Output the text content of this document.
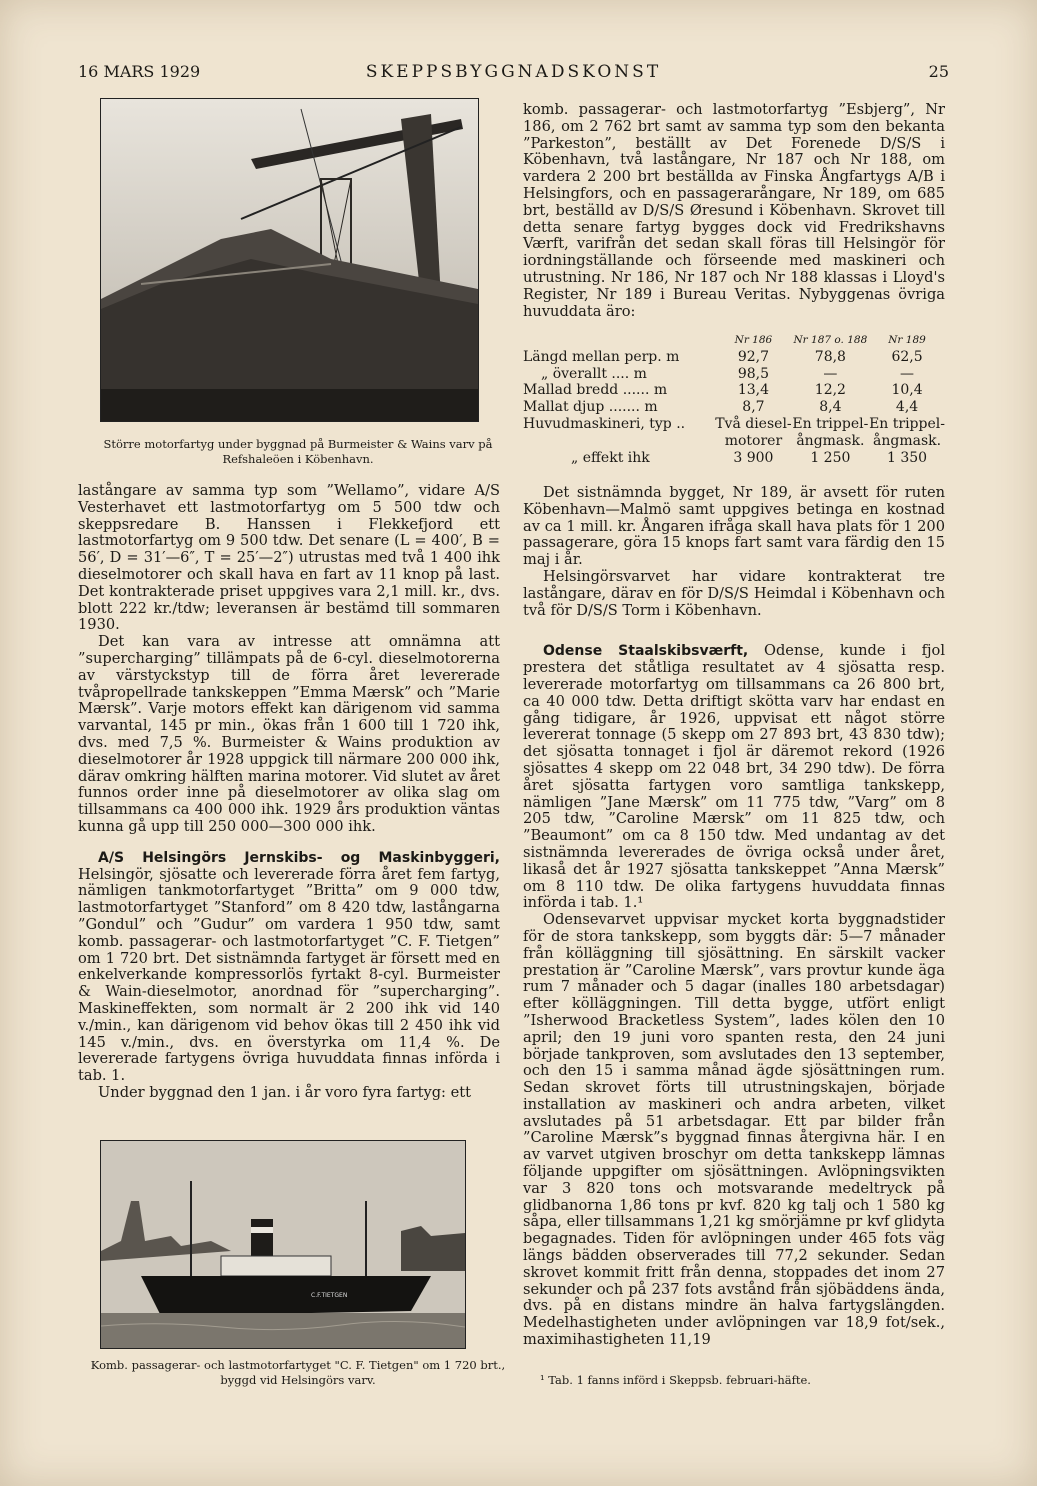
16 MARS 1929	SKEPPSBYGGNADSKONST	25
Större motorfartyg under byggnad på Burmeister & Wains varv på
Refshaleöen i Köbenhavn.

lastångare av samma typ som ”Wellamo”, vidare A/S Vesterhavet ett lastmotorfartyg om 5 500 tdw och skeppsredare B. Hanssen i Flekkefjord ett lastmotorfartyg om 9 500 tdw. Det senare (L = 400′, B = 56′, D = 31′—6″, T = 25′—2″) utrustas med två 1 400 ihk dieselmotorer och skall hava en fart av 11 knop på last. Det kontrakterade priset uppgives vara 2,1 mill. kr., dvs. blott 222 kr./tdw; leveransen är bestämd till sommaren 1930.

Det kan vara av intresse att omnämna att ”supercharging” tillämpats på de 6-cyl. dieselmotorerna av värstyckstyp till de förra året levererade tvåpropellrade tankskeppen ”Emma Mærsk” och ”Marie Mærsk”. Varje motors effekt kan därigenom vid samma varvantal, 145 pr min., ökas från 1 600 till 1 720 ihk, dvs. med 7,5 %. Burmeister & Wains produktion av dieselmotorer år 1928 uppgick till närmare 200 000 ihk, därav omkring hälften marina motorer. Vid slutet av året funnos order inne på dieselmotorer av olika slag om tillsammans ca 400 000 ihk. 1929 års produktion väntas kunna gå upp till 250 000—300 000 ihk.

A/S Helsingörs Jernskibs- og Maskinbyggeri, Helsingör, sjösatte och levererade förra året fem fartyg, nämligen tankmotorfartyget ”Britta” om 9 000 tdw, lastmotorfartyget ”Stanford” om 8 420 tdw, lastångarna ”Gondul” och ”Gudur” om vardera 1 950 tdw, samt komb. passagerar- och lastmotorfartyget ”C. F. Tietgen” om 1 720 brt. Det sistnämnda fartyget är försett med en enkelverkande kompressorlös fyrtakt 8-cyl. Burmeister & Wain-dieselmotor, anordnad för ”supercharging”. Maskineffekten, som normalt är 2 200 ihk vid 140 v./min., kan därigenom vid behov ökas till 2 450 ihk vid 145 v./min., dvs. en överstyrka om 11,4 %. De levererade fartygens övriga huvuddata finnas införda i tab. 1.

Under byggnad den 1 jan. i år voro fyra fartyg: ett

C.F.TIETGEN
Komb. passagerar- och lastmotorfartyget "C. F. Tietgen" om 1 720 brt.,
byggd vid Helsingörs varv.

komb. passagerar- och lastmotorfartyg ”Esbjerg”, Nr 186, om 2 762 brt samt av samma typ som den bekanta ”Parkeston”, beställt av Det Forenede D/S/S i Köbenhavn, två lastångare, Nr 187 och Nr 188, om vardera 2 200 brt beställda av Finska Ångfartygs A/B i Helsingfors, och en passagerarångare, Nr 189, om 685 brt, beställd av D/S/S Øresund i Köbenhavn. Skrovet till detta senare fartyg bygges dock vid Fredrikshavns Værft, varifrån det sedan skall föras till Helsingör för iordningställande och förseende med maskineri och utrustning. Nr 186, Nr 187 och Nr 188 klassas i Lloyd's Register, Nr 189 i Bureau Veritas. Nybyggenas övriga huvuddata äro:

	Nr 186	Nr 187 o. 188	Nr 189
Längd mellan perp. m	92,7	78,8	62,5
„ överallt .... m	98,5	—	—
Mallad bredd ...... m	13,4	12,2	10,4
Mallat djup ....... m	8,7	8,4	4,4
Huvudmaskineri, typ ..	Två diesel-	En trippel-	En trippel-
	motorer	ångmask.	ångmask.
„ effekt ihk	3 900	1 250	1 350

Det sistnämnda bygget, Nr 189, är avsett för ruten Köbenhavn—Malmö samt uppgives betinga en kostnad av ca 1 mill. kr. Ångaren ifråga skall hava plats för 1 200 passagerare, göra 15 knops fart samt vara färdig den 15 maj i år.

Helsingörsvarvet har vidare kontrakterat tre lastångare, därav en för D/S/S Heimdal i Köbenhavn och två för D/S/S Torm i Köbenhavn.

Odense Staalskibsværft, Odense, kunde i fjol prestera det ståtliga resultatet av 4 sjösatta resp. levererade motorfartyg om tillsammans ca 26 800 brt, ca 40 000 tdw. Detta driftigt skötta varv har endast en gång tidigare, år 1926, uppvisat ett något större levererat tonnage (5 skepp om 27 893 brt, 43 830 tdw); det sjösatta tonnaget i fjol är däremot rekord (1926 sjösattes 4 skepp om 22 048 brt, 34 290 tdw). De förra året sjösatta fartygen voro samtliga tankskepp, nämligen ”Jane Mærsk” om 11 775 tdw, ”Varg” om 8 205 tdw, ”Caroline Mærsk” om 11 825 tdw, och ”Beaumont” om ca 8 150 tdw. Med undantag av det sistnämnda levererades de övriga också under året, likaså det år 1927 sjösatta tankskeppet ”Anna Mærsk” om 8 110 tdw. De olika fartygens huvuddata finnas införda i tab. 1.¹

Odensevarvet uppvisar mycket korta byggnadstider för de stora tankskepp, som byggts där: 5—7 månader från kölläggning till sjösättning. En särskilt vacker prestation är ”Caroline Mærsk”, vars provtur kunde äga rum 7 månader och 5 dagar (inalles 180 arbetsdagar) efter kölläggningen. Till detta bygge, utfört enligt ”Isherwood Bracketless System”, lades kölen den 10 april; den 19 juni voro spanten resta, den 24 juni började tankproven, som avslutades den 13 september, och den 15 i samma månad ägde sjösättningen rum. Sedan skrovet förts till utrustningskajen, började installation av maskineri och andra arbeten, vilket avslutades på 51 arbetsdagar. Ett par bilder från ”Caroline Mærsk”s byggnad finnas återgivna här. I en av varvet utgiven broschyr om detta tankskepp lämnas följande uppgifter om sjösättningen. Avlöpningsvikten var 3 820 tons och motsvarande medeltryck på glidbanorna 1,86 tons pr kvf. 820 kg talj och 1 580 kg såpa, eller tillsammans 1,21 kg smörjämne pr kvf glidyta begagnades. Tiden för avlöpningen under 465 fots väg längs bädden observerades till 77,2 sekunder. Sedan skrovet kommit fritt från denna, stoppades det inom 27 sekunder och på 237 fots avstånd från sjöbäddens ända, dvs. på en distans mindre än halva fartygslängden. Medelhastigheten under avlöpningen var 18,9 fot/sek., maximihastigheten 11,19

¹ Tab. 1 fanns införd i Skeppsb. februari-häfte.
